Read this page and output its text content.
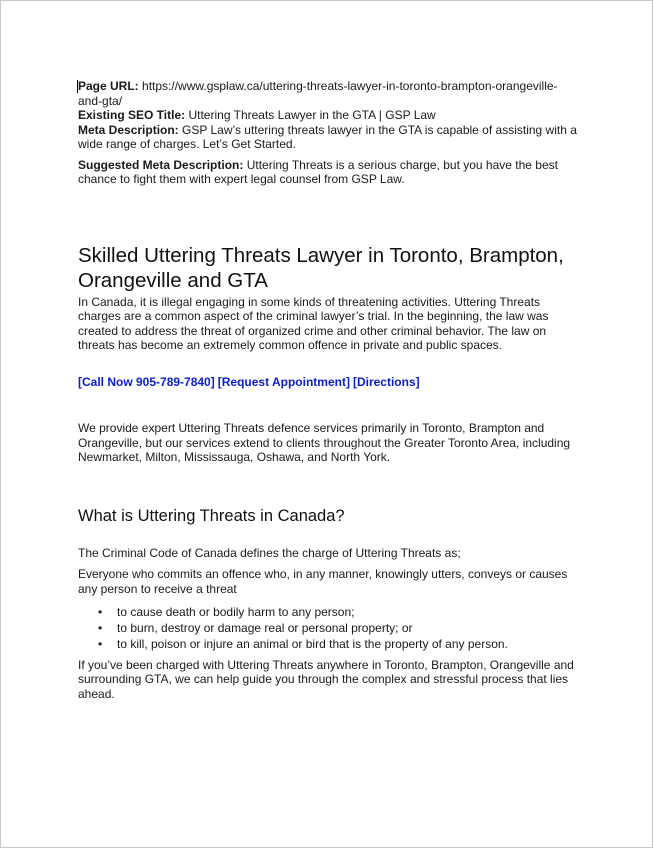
Page URL: https://www.gsplaw.ca/uttering-threats-lawyer-in-toronto-brampton-orangeville-and-gta/

Existing SEO Title: Uttering Threats Lawyer in the GTA | GSP Law

Meta Description: GSP Law’s uttering threats lawyer in the GTA is capable of assisting with a wide range of charges. Let’s Get Started.

Suggested Meta Description: Uttering Threats is a serious charge, but you have the best chance to fight them with expert legal counsel from GSP Law.

Skilled Uttering Threats Lawyer in Toronto, Brampton, Orangeville and GTA

In Canada, it is illegal engaging in some kinds of threatening activities. Uttering Threats charges are a common aspect of the criminal lawyer’s trial. In the beginning, the law was created to address the threat of organized crime and other criminal behavior. The law on threats has become an extremely common offence in private and public spaces.

[Call Now 905-789-7840] [Request Appointment] [Directions]

We provide expert Uttering Threats defence services primarily in Toronto, Brampton and Orangeville, but our services extend to clients throughout the Greater Toronto Area, including Newmarket, Milton, Mississauga, Oshawa, and North York.

What is Uttering Threats in Canada?

The Criminal Code of Canada defines the charge of Uttering Threats as;

Everyone who commits an offence who, in any manner, knowingly utters, conveys or causes any person to receive a threat

• to cause death or bodily harm to any person;
• to burn, destroy or damage real or personal property; or
• to kill, poison or injure an animal or bird that is the property of any person.

If you’ve been charged with Uttering Threats anywhere in Toronto, Brampton, Orangeville and surrounding GTA, we can help guide you through the complex and stressful process that lies ahead.
